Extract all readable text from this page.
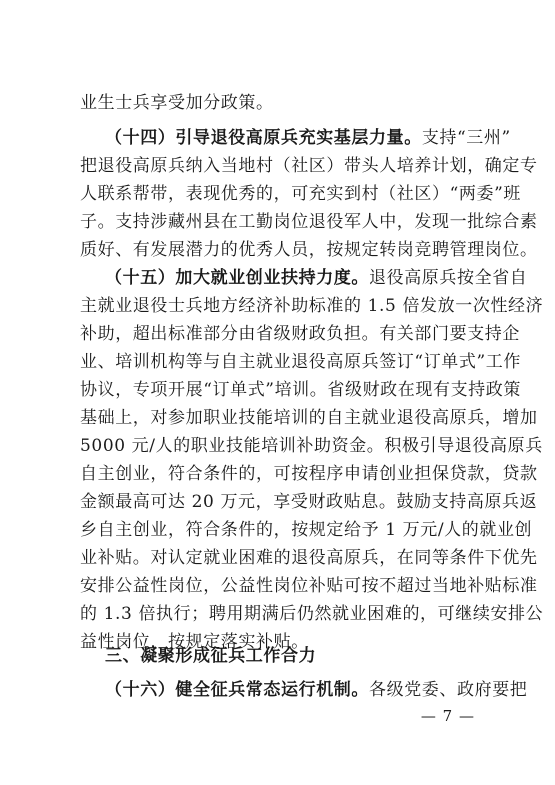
业生士兵享受加分政策。
（十四）引导退役高原兵充实基层力量。支持“三州”
把退役高原兵纳入当地村（社区）带头人培养计划，确定专
人联系帮带，表现优秀的，可充实到村（社区）“两委”班
子。支持涉藏州县在工勤岗位退役军人中，发现一批综合素
质好、有发展潜力的优秀人员，按规定转岗竞聘管理岗位。
（十五）加大就业创业扶持力度。退役高原兵按全省自
主就业退役士兵地方经济补助标准的 1.5 倍发放一次性经济
补助，超出标准部分由省级财政负担。有关部门要支持企
业、培训机构等与自主就业退役高原兵签订“订单式”工作
协议，专项开展“订单式”培训。省级财政在现有支持政策
基础上，对参加职业技能培训的自主就业退役高原兵，增加
5000 元/人的职业技能培训补助资金。积极引导退役高原兵
自主创业，符合条件的，可按程序申请创业担保贷款，贷款
金额最高可达 20 万元，享受财政贴息。鼓励支持高原兵返
乡自主创业，符合条件的，按规定给予 1 万元/人的就业创
业补贴。对认定就业困难的退役高原兵，在同等条件下优先
安排公益性岗位，公益性岗位补贴可按不超过当地补贴标准
的 1.3 倍执行；聘用期满后仍然就业困难的，可继续安排公
益性岗位，按规定落实补贴。
三、凝聚形成征兵工作合力
（十六）健全征兵常态运行机制。各级党委、政府要把
— 7 —
